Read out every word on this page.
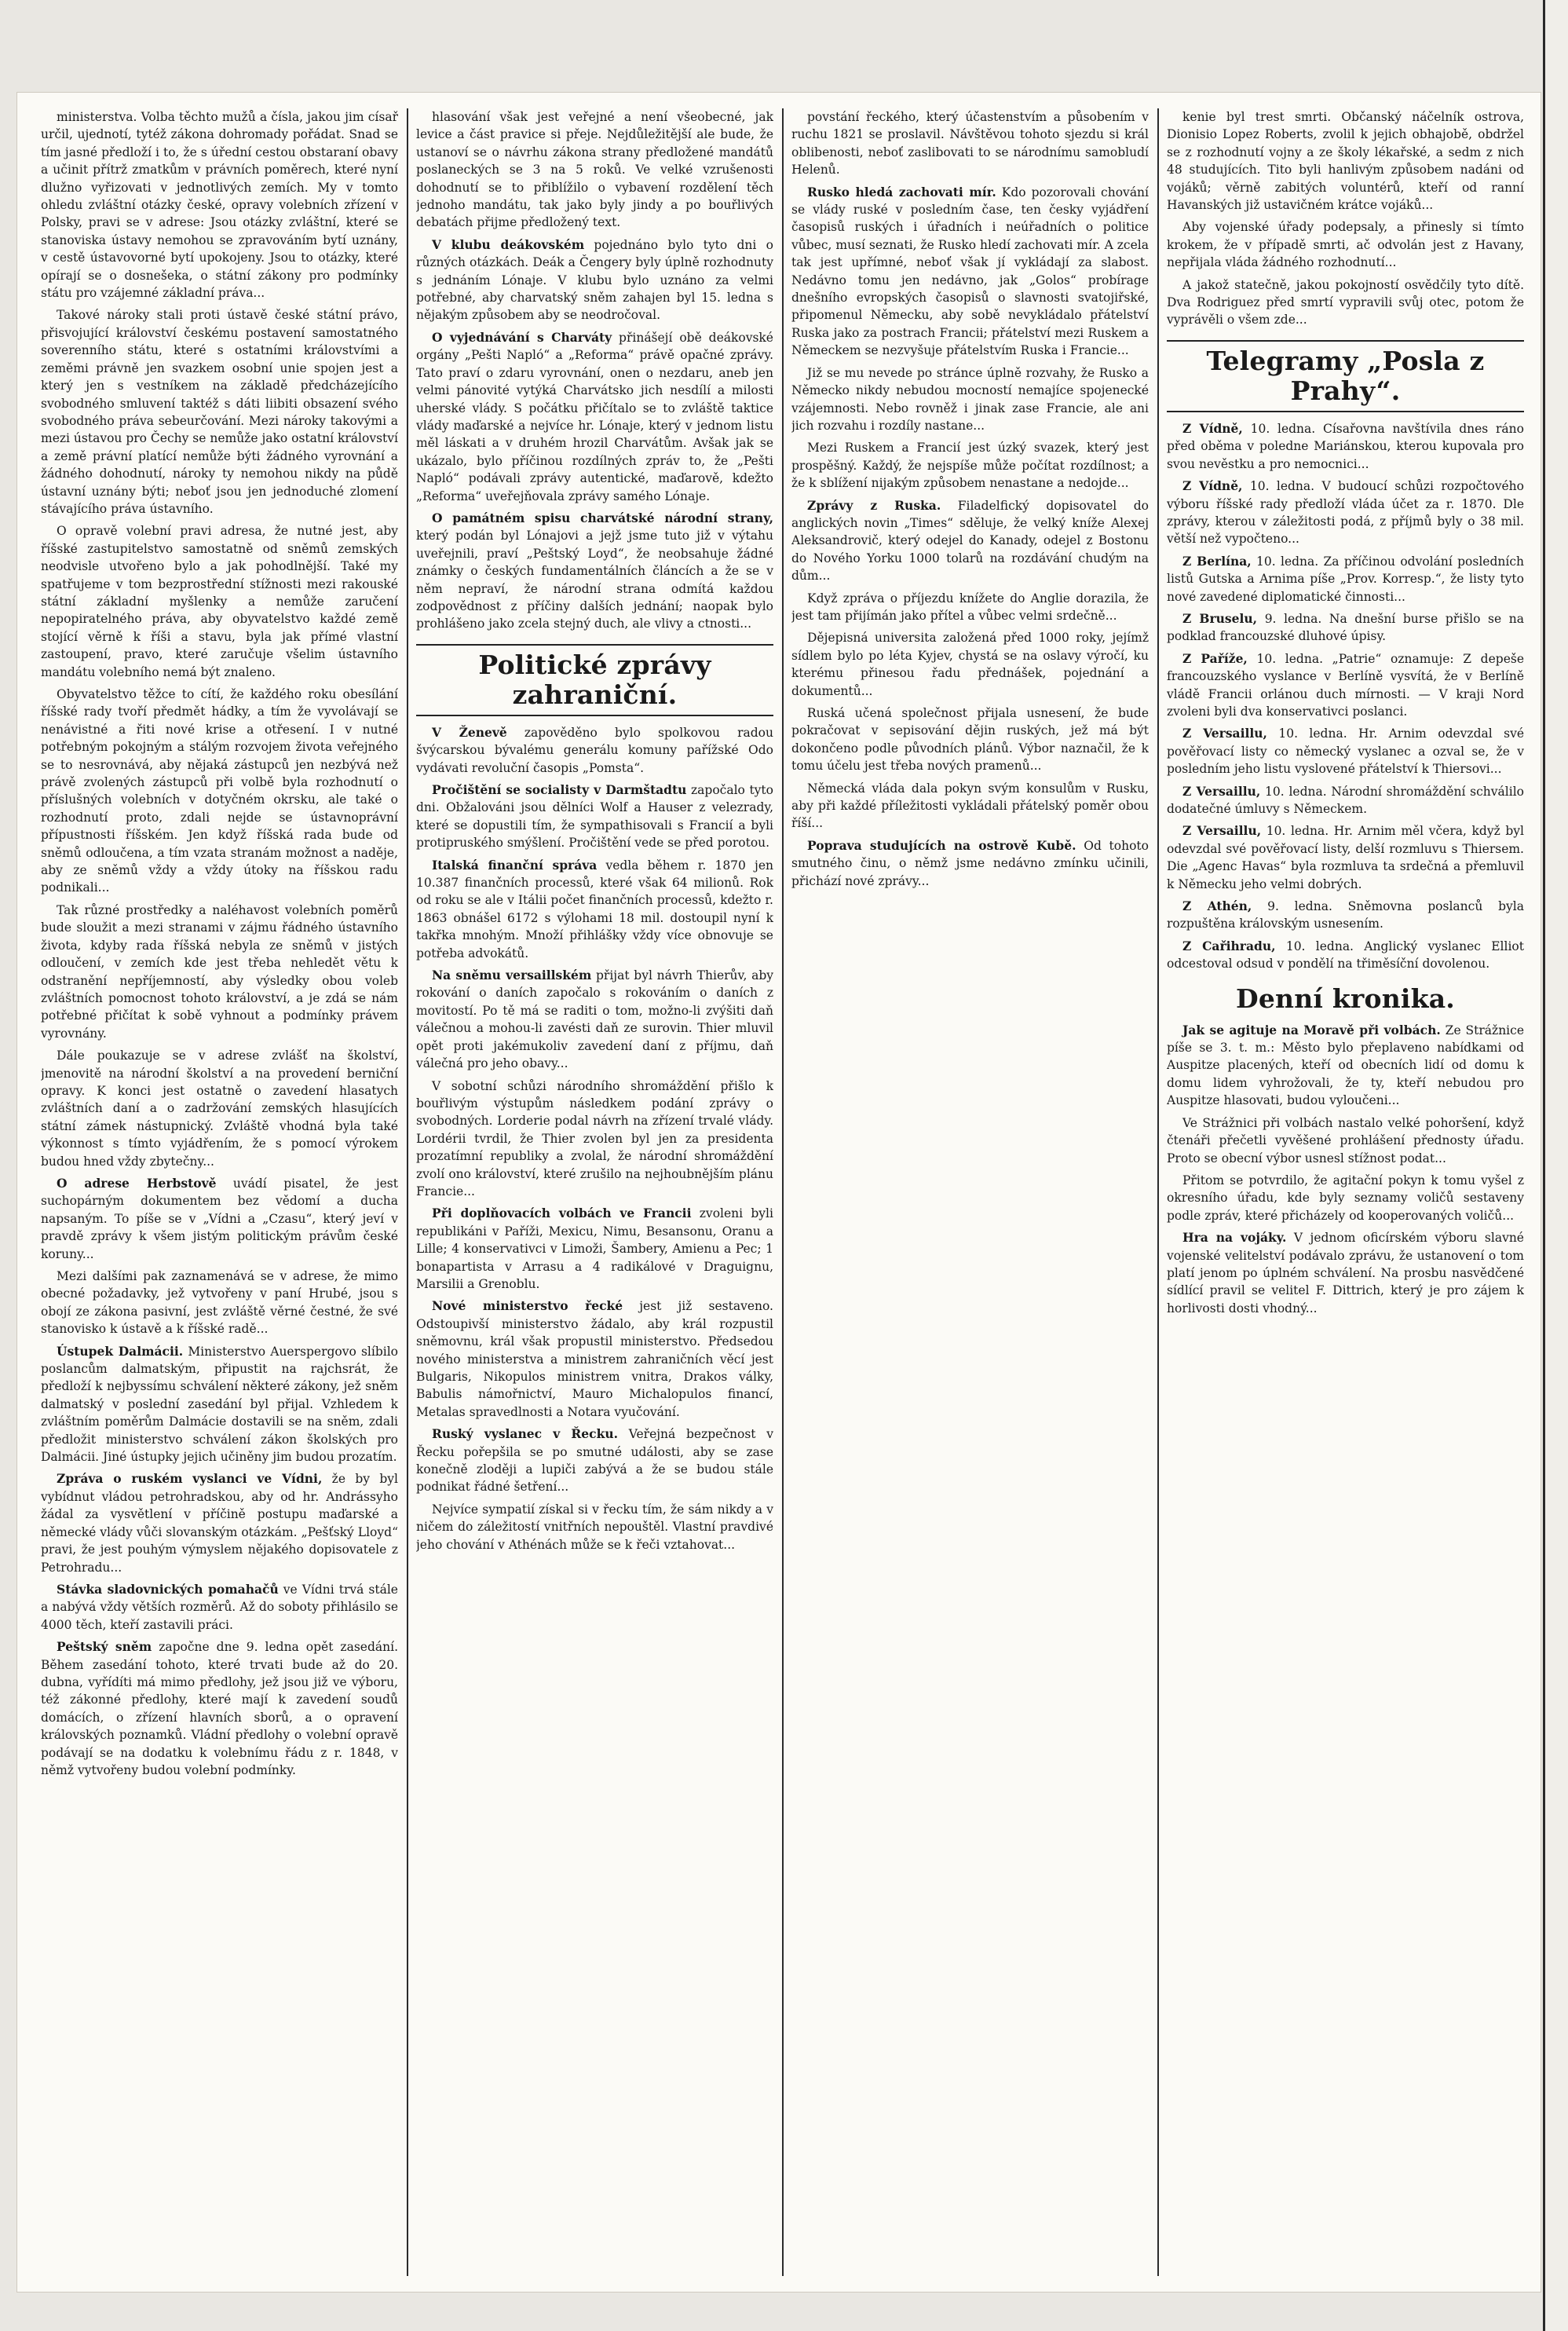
ministerstva. Volba těchto mužů a čísla, jakou jim císař určil, ujednotí, tytéž zákona dohromady pořádat. Snad se tím jasné předloží i to, že s úřední cestou obstaraní obavy a učinit přítrž zmatkům v právních poměrech, které nyní dlužno vyřizovati v jednotlivých zemích. My v tomto ohledu zvláštní otázky české, opravy volebních zřízení v Polsky, pravi se v adrese: Jsou otázky zvláštní, které se stanoviska ústavy nemohou se zpravováním bytí uznány, v cestě ústavovorné bytí upokojeny. Jsou to otázky, které opírají se o dosnešeka, o státní zákony pro podmínky státu pro vzájemné základní práva...

Takové nároky stali proti ústavě české státní právo, přisvojující království českému postavení samostatného soverenního státu, které s ostatními královstvími a zeměmi právně jen svazkem osobní unie spojen jest a který jen s vestníkem na základě předcházejícího svobodného smluvení taktéž s dáti liibiti obsazení svého svobodného práva sebeurčování. Mezi nároky takovými a mezi ústavou pro Čechy se nemůže jako ostatní království a země právní platící nemůže býti žádného vyrovnání a žádného dohodnutí, nároky ty nemohou nikdy na půdě ústavní uznány býti; neboť jsou jen jednoduché zlomení stávajícího práva ústavního.

O opravě volební pravi adresa, že nutné jest, aby říšské zastupitelstvo samostatně od sněmů zemských neodvisle utvořeno bylo a jak pohodlnější. Také my spatřujeme v tom bezprostřední stížnosti mezi rakouské státní základní myšlenky a nemůže zaručení nepopiratelného práva, aby obyvatelstvo každé země stojící věrně k říši a stavu, byla jak přímé vlastní zastoupení, pravo, které zaručuje všelim ústavního mandátu volebního nemá být znaleno.

Obyvatelstvo těžce to cítí, že každého roku obesílání říšské rady tvoří předmět hádky, a tím že vyvolávají se nenávistné a řiti nové krise a otřesení. I v nutné potřebným pokojným a stálým rozvojem života veřejného se to nesrovnává, aby nějaká zástupců jen nezbývá než právě zvolených zástupců při volbě byla rozhodnutí o příslušných volebních v dotyčném okrsku, ale také o rozhodnutí proto, zdali nejde se ústavnoprávní přípustnosti říšském. Jen když říšská rada bude od sněmů odloučena, a tím vzata stranám možnost a naděje, aby ze sněmů vždy a vždy útoky na říšskou radu podnikali...

Tak různé prostředky a naléhavost volebních poměrů bude sloužit a mezi stranami v zájmu řádného ústavního života, kdyby rada říšská nebyla ze sněmů v jistých odloučení, v zemích kde jest třeba nehledět větu k odstranění nepříjemností, aby výsledky obou voleb zvláštních pomocnost tohoto království, a je zdá se nám potřebné přičítat k sobě vyhnout a podmínky právem vyrovnány.

Dále poukazuje se v adrese zvlášť na školství, jmenovitě na národní školství a na provedení berniční opravy. K konci jest ostatně o zavedení hlasatych zvláštních daní a o zadržování zemských hlasujících státní zámek nástupnický. Zvláště vhodná byla také výkonnost s tímto vyjádřením, že s pomocí výrokem budou hned vždy zbytečny...

O adrese Herbstově uvádí pisatel, že jest suchopárným dokumentem bez vědomí a ducha napsaným. To píše se v „Vídni a „Czasu“, který jeví v pravdě zprávy k všem jistým politickým právům české koruny...

Mezi dalšími pak zaznamenává se v adrese, že mimo obecné požadavky, jež vytvořeny v paní Hrubé, jsou s obojí ze zákona pasivní, jest zvláště věrné čestné, že své stanovisko k ústavě a k říšské radě...

Ústupek Dalmácii. Ministerstvo Auerspergovo slíbilo poslancům dalmatským, připustit na rajchsrát, že předloží k nejbyssímu schválení některé zákony, jež sněm dalmatský v poslední zasedání byl přijal. Vzhledem k zvláštním poměrům Dalmácie dostavili se na sněm, zdali předložit ministerstvo schválení zákon školských pro Dalmácii. Jiné ústupky jejich učiněny jim budou prozatím.

Zpráva o ruském vyslanci ve Vídni, že by byl vybídnut vládou petrohradskou, aby od hr. Andrássyho žádal za vysvětlení v příčině postupu maďarské a německé vlády vůči slovanským otázkám. „Pešťský Lloyd“ pravi, že jest pouhým výmyslem nějakého dopisovatele z Petrohradu...

Stávka sladovnických pomahačů ve Vídni trvá stále a nabývá vždy větších rozměrů. Až do soboty přihlásilo se 4000 těch, kteří zastavili práci.

Peštský sněm započne dne 9. ledna opět zasedání. Během zasedání tohoto, které trvati bude až do 20. dubna, vyřídíti má mimo předlohy, jež jsou již ve výboru, též zákonné předlohy, které mají k zavedení soudů domácích, o zřízení hlavních sborů, a o opravení královských poznamků. Vládní předlohy o volební opravě podávají se na dodatku k volebnímu řádu z r. 1848, v němž vytvořeny budou volební podmínky.

hlasování však jest veřejné a není všeobecné, jak levice a část pravice si přeje. Nejdůležitější ale bude, že ustanoví se o návrhu zákona strany předložené mandátů poslaneckých se 3 na 5 roků. Ve velké vzrušenosti dohodnutí se to přiblížilo o vybavení rozdělení těch jednoho mandátu, tak jako byly jindy a po bouřlivých debatách přijme předložený text.

V klubu deákovském pojednáno bylo tyto dni o různých otázkách. Deák a Čengery byly úplně rozhodnuty s jednáním Lónaje. V klubu bylo uznáno za velmi potřebné, aby charvatský sněm zahajen byl 15. ledna s nějakým způsobem aby se neodročoval.

O vyjednávání s Charváty přinášejí obě deákovské orgány „Pešti Napló“ a „Reforma“ právě opačné zprávy. Tato praví o zdaru vyrovnání, onen o nezdaru, aneb jen velmi pánovité vytýká Charvátsko jich nesdílí a milosti uherské vlády. S počátku přičítalo se to zvláště taktice vlády maďarské a nejvíce hr. Lónaje, který v jednom listu měl láskati a v druhém hrozil Charvátům. Avšak jak se ukázalo, bylo příčinou rozdílných zpráv to, že „Pešti Napló“ podávali zprávy autentické, maďarově, kdežto „Reforma“ uveřejňovala zprávy samého Lónaje.

O památném spisu charvátské národní strany, který podán byl Lónajovi a jejž jsme tuto již v výtahu uveřejnili, praví „Peštský Loyd“, že neobsahuje žádné známky o českých fundamentálních článcích a že se v něm nepraví, že národní strana odmítá každou zodpovědnost z příčiny dalších jednání; naopak bylo prohlášeno jako zcela stejný duch, ale vlivy a ctnosti...

Politické zprávy zahraniční.

V Ženevě zapověděno bylo spolkovou radou švýcarskou bývalému generálu komuny pařížské Odo vydávati revoluční časopis „Pomsta“.

Pročištění se socialisty v Darmštadtu započalo tyto dni. Obžalováni jsou dělníci Wolf a Hauser z velezrady, které se dopustili tím, že sympathisovali s Francií a byli protipruského smýšlení. Pročištění vede se před porotou.

Italská finanční správa vedla během r. 1870 jen 10.387 finančních processů, které však 64 milionů. Rok od roku se ale v Itálii počet finančních processů, kdežto r. 1863 obnášel 6172 s výlohami 18 mil. dostoupil nyní k takřka mnohým. Množí přihlášky vždy více obnovuje se potřeba advokátů.

Na sněmu versaillském přijat byl návrh Thierův, aby rokování o daních započalo s rokováním o daních z movitostí. Po tě má se raditi o tom, možno-li zvýšiti daň válečnou a mohou-li zavésti daň ze surovin. Thier mluvil opět proti jakémukoliv zavedení daní z příjmu, daň válečná pro jeho obavy...

V sobotní schůzi národního shromáždění přišlo k bouřlivým výstupům následkem podání zprávy o svobodných. Lorderie podal návrh na zřízení trvalé vlády. Lordérii tvrdil, že Thier zvolen byl jen za presidenta prozatímní republiky a zvolal, že národní shromáždění zvolí ono království, které zrušilo na nejhoubnějším plánu Francie...

Při doplňovacích volbách ve Francii zvoleni byli republikáni v Paříži, Mexicu, Nimu, Besansonu, Oranu a Lille; 4 konservativci v Limoži, Šambery, Amienu a Pec; 1 bonapartista v Arrasu a 4 radikálové v Draguignu, Marsilii a Grenoblu.

Nové ministerstvo řecké jest již sestaveno. Odstoupivší ministerstvo žádalo, aby král rozpustil sněmovnu, král však propustil ministerstvo. Předsedou nového ministerstva a ministrem zahraničních věcí jest Bulgaris, Nikopulos ministrem vnitra, Drakos války, Babulis námořnictví, Mauro Michalopulos financí, Metalas spravedlnosti a Notara vyučování.

Ruský vyslanec v Řecku. Veřejná bezpečnost v Řecku pořepšila se po smutné události, aby se zase konečně zloději a lupiči zabývá a že se budou stále podnikat řádné šetření...

Nejvíce sympatií získal si v řecku tím, že sám nikdy a v ničem do záležitostí vnitřních nepouštěl. Vlastní pravdivé jeho chování v Athénách může se k řeči vztahovat...

povstání řeckého, který účastenstvím a působením v ruchu 1821 se proslavil. Návštěvou tohoto sjezdu si král oblibenosti, neboť zaslibovati to se národnímu samobludí Helenů.

Rusko hledá zachovati mír. Kdo pozorovali chování se vlády ruské v posledním čase, ten česky vyjádření časopisů ruských i úřadních i neúřadních o politice vůbec, musí seznati, že Rusko hledí zachovati mír. A zcela tak jest upřímné, neboť však jí vykládají za slabost. Nedávno tomu jen nedávno, jak „Golos“ probírage dnešního evropských časopisů o slavnosti svatojiřské, připomenul Německu, aby sobě nevykládalo přátelství Ruska jako za postrach Francii; přátelství mezi Ruskem a Německem se nezvyšuje přátelstvím Ruska i Francie...

Již se mu nevede po stránce úplně rozvahy, že Rusko a Německo nikdy nebudou mocností nemajíce spojenecké vzájemnosti. Nebo rovněž i jinak zase Francie, ale ani jich rozvahu i rozdíly nastane...

Mezi Ruskem a Francií jest úzký svazek, který jest prospěšný. Každý, že nejspíše může počítat rozdílnost; a že k sblížení nijakým způsobem nenastane a nedojde...

Zprávy z Ruska. Filadelfický dopisovatel do anglických novin „Times“ sděluje, že velký kníže Alexej Aleksandrovič, který odejel do Kanady, odejel z Bostonu do Nového Yorku 1000 tolarů na rozdávání chudým na dům...

Když zpráva o příjezdu knížete do Anglie dorazila, že jest tam přijímán jako přítel a vůbec velmi srdečně...

Dějepisná universita založená před 1000 roky, jejímž sídlem bylo po léta Kyjev, chystá se na oslavy výročí, ku kterému přinesou řadu přednášek, pojednání a dokumentů...

Ruská učená společnost přijala usnesení, že bude pokračovat v sepisování dějin ruských, jež má být dokončeno podle původních plánů. Výbor naznačil, že k tomu účelu jest třeba nových pramenů...

Německá vláda dala pokyn svým konsulům v Rusku, aby při každé příležitosti vykládali přátelský poměr obou říší...

Poprava studujících na ostrově Kubě. Od tohoto smutného činu, o němž jsme nedávno zmínku učinili, přichází nové zprávy...

kenie byl trest smrti. Občanský náčelník ostrova, Dionisio Lopez Roberts, zvolil k jejich obhajobě, obdržel se z rozhodnutí vojny a ze školy lékařské, a sedm z nich 48 studujících. Tito byli hanlivým způsobem nadáni od vojáků; věrně zabitých voluntérů, kteří od ranní Havanských již ustavičném krátce vojáků...

Aby vojenské úřady podepsaly, a přinesly si tímto krokem, že v případě smrti, ač odvolán jest z Havany, nepřijala vláda žádného rozhodnutí...

A jakož statečně, jakou pokojností osvědčily tyto dítě. Dva Rodriguez před smrtí vypravili svůj otec, potom že vyprávěli o všem zde...

Telegramy „Posla z Prahy“.

Z Vídně, 10. ledna. Císařovna navštívila dnes ráno před oběma v poledne Mariánskou, kterou kupovala pro svou nevěstku a pro nemocnici...

Z Vídně, 10. ledna. V budoucí schůzi rozpočtového výboru říšské rady předloží vláda účet za r. 1870. Dle zprávy, kterou v záležitosti podá, z příjmů byly o 38 mil. větší než vypočteno...

Z Berlína, 10. ledna. Za příčinou odvolání posledních listů Gutska a Arnima píše „Prov. Korresp.“, že listy tyto nové zavedené diplomatické činnosti...

Z Bruselu, 9. ledna. Na dnešní burse přišlo se na podklad francouzské dluhové úpisy.

Z Paříže, 10. ledna. „Patrie“ oznamuje: Z depeše francouzského vyslance v Berlíně vysvítá, že v Berlíně vládě Francii orlánou duch mírnosti. — V kraji Nord zvoleni byli dva konservativci poslanci.

Z Versaillu, 10. ledna. Hr. Arnim odevzdal své pověřovací listy co německý vyslanec a ozval se, že v posledním jeho listu vyslovené přátelství k Thiersovi...

Z Versaillu, 10. ledna. Národní shromáždění schválilo dodatečné úmluvy s Německem.

Z Versaillu, 10. ledna. Hr. Arnim měl včera, když byl odevzdal své pověřovací listy, delší rozmluvu s Thiersem. Die „Agenc Havas“ byla rozmluva ta srdečná a přemluvil k Německu jeho velmi dobrých.

Z Athén, 9. ledna. Sněmovna poslanců byla rozpuštěna královským usnesením.

Z Cařihradu, 10. ledna. Anglický vyslanec Elliot odcestoval odsud v pondělí na třiměsíční dovolenou.

Denní kronika.

Jak se agituje na Moravě při volbách. Ze Strážnice píše se 3. t. m.: Město bylo přeplaveno nabídkami od Auspitze placených, kteří od obecních lidí od domu k domu lidem vyhrožovali, že ty, kteří nebudou pro Auspitze hlasovati, budou vyloučeni...

Ve Strážnici při volbách nastalo velké pohoršení, když čtenáři přečetli vyvěšené prohlášení přednosty úřadu. Proto se obecní výbor usnesl stížnost podat...

Přitom se potvrdilo, že agitační pokyn k tomu vyšel z okresního úřadu, kde byly seznamy voličů sestaveny podle zpráv, které přicházely od kooperovaných voličů...

Hra na vojáky. V jednom oficírském výboru slavné vojenské velitelství podávalo zprávu, že ustanovení o tom platí jenom po úplném schválení. Na prosbu nasvědčené sídlící pravil se velitel F. Dittrich, který je pro zájem k horlivosti dosti vhodný...
